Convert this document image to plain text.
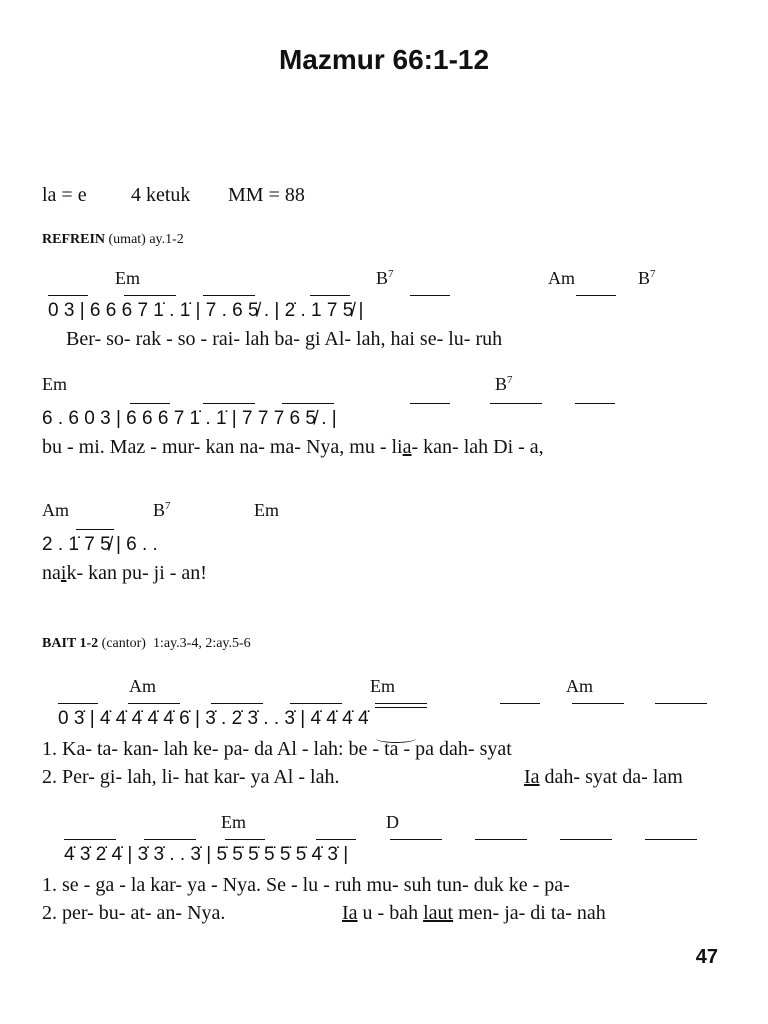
Mazmur 66:1-12
la = e 4 ketuk MM = 88
REFREIN (umat) ay.1-2
Em	$B^7$	Am	$B^7$
0 3 | 6 6 6 7 1̇ . 1̇ | 7 . 6 5̸ . | 2̇ . 1 7 5̸ |
Ber- so- rak - so - rai- lah ba- gi Al- lah, hai se- lu- ruh
Em	$B^7$
6 . 6 0 3 | 6 6 6 7 1̇ . 1̇ | 7 7 7 6 5̸ . |
bu - mi. Maz - mur- kan na- ma- Nya, mu - lia- kan- lah Di - a,
Am	$B^7$	Em
2 . 1̇ 7 5̸ | 6 . .
naik- kan pu- ji - an!
BAIT 1-2 (cantor) 1:ay.3-4, 2:ay.5-6
Am	Em	Am
0 3̇ | 4̇ 4̇ 4̇ 4̇ 4̇ 6̇ | 3̇ . 2̇ 3̇ . . 3̇ | 4̇ 4̇ 4̇ 4̇
1. Ka- ta- kan- lah ke- pa- da Al - lah: be - ta - pa dah- syat
2. Per- gi- lah, li- hat kar- ya Al - lah.	Ia dah- syat da- lam
Em	D
4̇ 3̇ 2̇ 4̇ | 3̇ 3̇ . . 3̇ | 5̇ 5̇ 5̇ 5̇ 5̇ 5̇ 4̇ 3̇ |
1. se - ga - la kar- ya - Nya. Se - lu - ruh mu- suh tun- duk ke - pa-
2. per- bu- at- an- Nya.	Ia u - bah laut men- ja- di ta- nah
47
